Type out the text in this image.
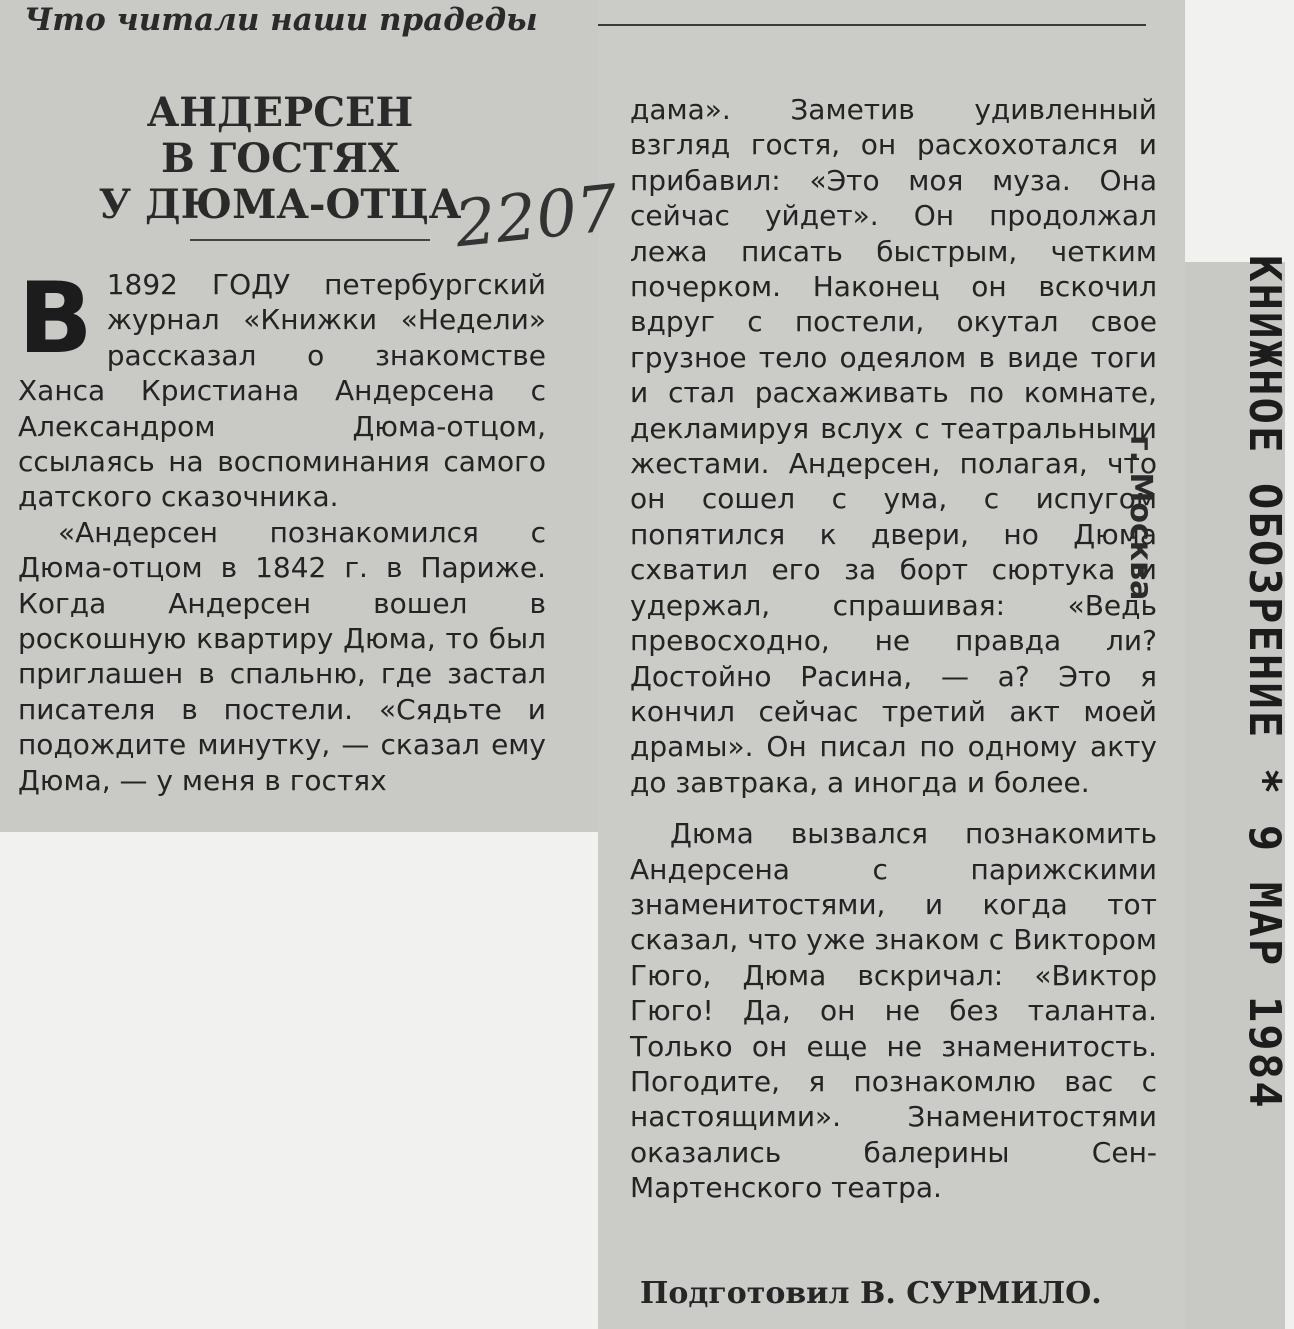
Что читали наши прадеды
АНДЕРСЕН
В ГОСТЯХ
У ДЮМА-ОТЦА
2207

В 1892 ГОДУ петербургский журнал «Книжки «Недели» рассказал о знакомстве Ханса Кристиана Андерсена с Александром Дюма-отцом, ссылаясь на воспоминания самого датского сказочника.

«Андерсен познакомился с Дюма-отцом в 1842 г. в Париже. Когда Андерсен вошел в роскошную квартиру Дюма, то был приглашен в спальню, где застал писателя в постели. «Сядьте и подождите минутку, — сказал ему Дюма, — у меня в гостях

дама». Заметив удивленный взгляд гостя, он расхохотался и прибавил: «Это моя муза. Она сейчас уйдет». Он продолжал лежа писать быстрым, четким почерком. Наконец он вскочил вдруг с постели, окутал свое грузное тело одеялом в виде тоги и стал расхаживать по комнате, декламируя вслух с театральными жестами. Андерсен, полагая, что он сошел с ума, с испугом попятился к двери, но Дюма схватил его за борт сюртука и удержал, спрашивая: «Ведь превосходно, не правда ли? Достойно Расина, — а? Это я кончил сейчас третий акт моей драмы». Он писал по одному акту до завтрака, а иногда и более.

Дюма вызвался познакомить Андерсена с парижскими знаменитостями, и когда тот сказал, что уже знаком с Виктором Гюго, Дюма вскричал: «Виктор Гюго! Да, он не без таланта. Только он еще не знаменитость. Погодите, я познакомлю вас с настоящими». Знаменитостями оказались балерины Сен-Мартенского театра.

Подготовил В. СУРМИЛО.

КНИЖНОЕ ОБОЗРЕНИЕ * 9 МАР 1984
г. Москва
